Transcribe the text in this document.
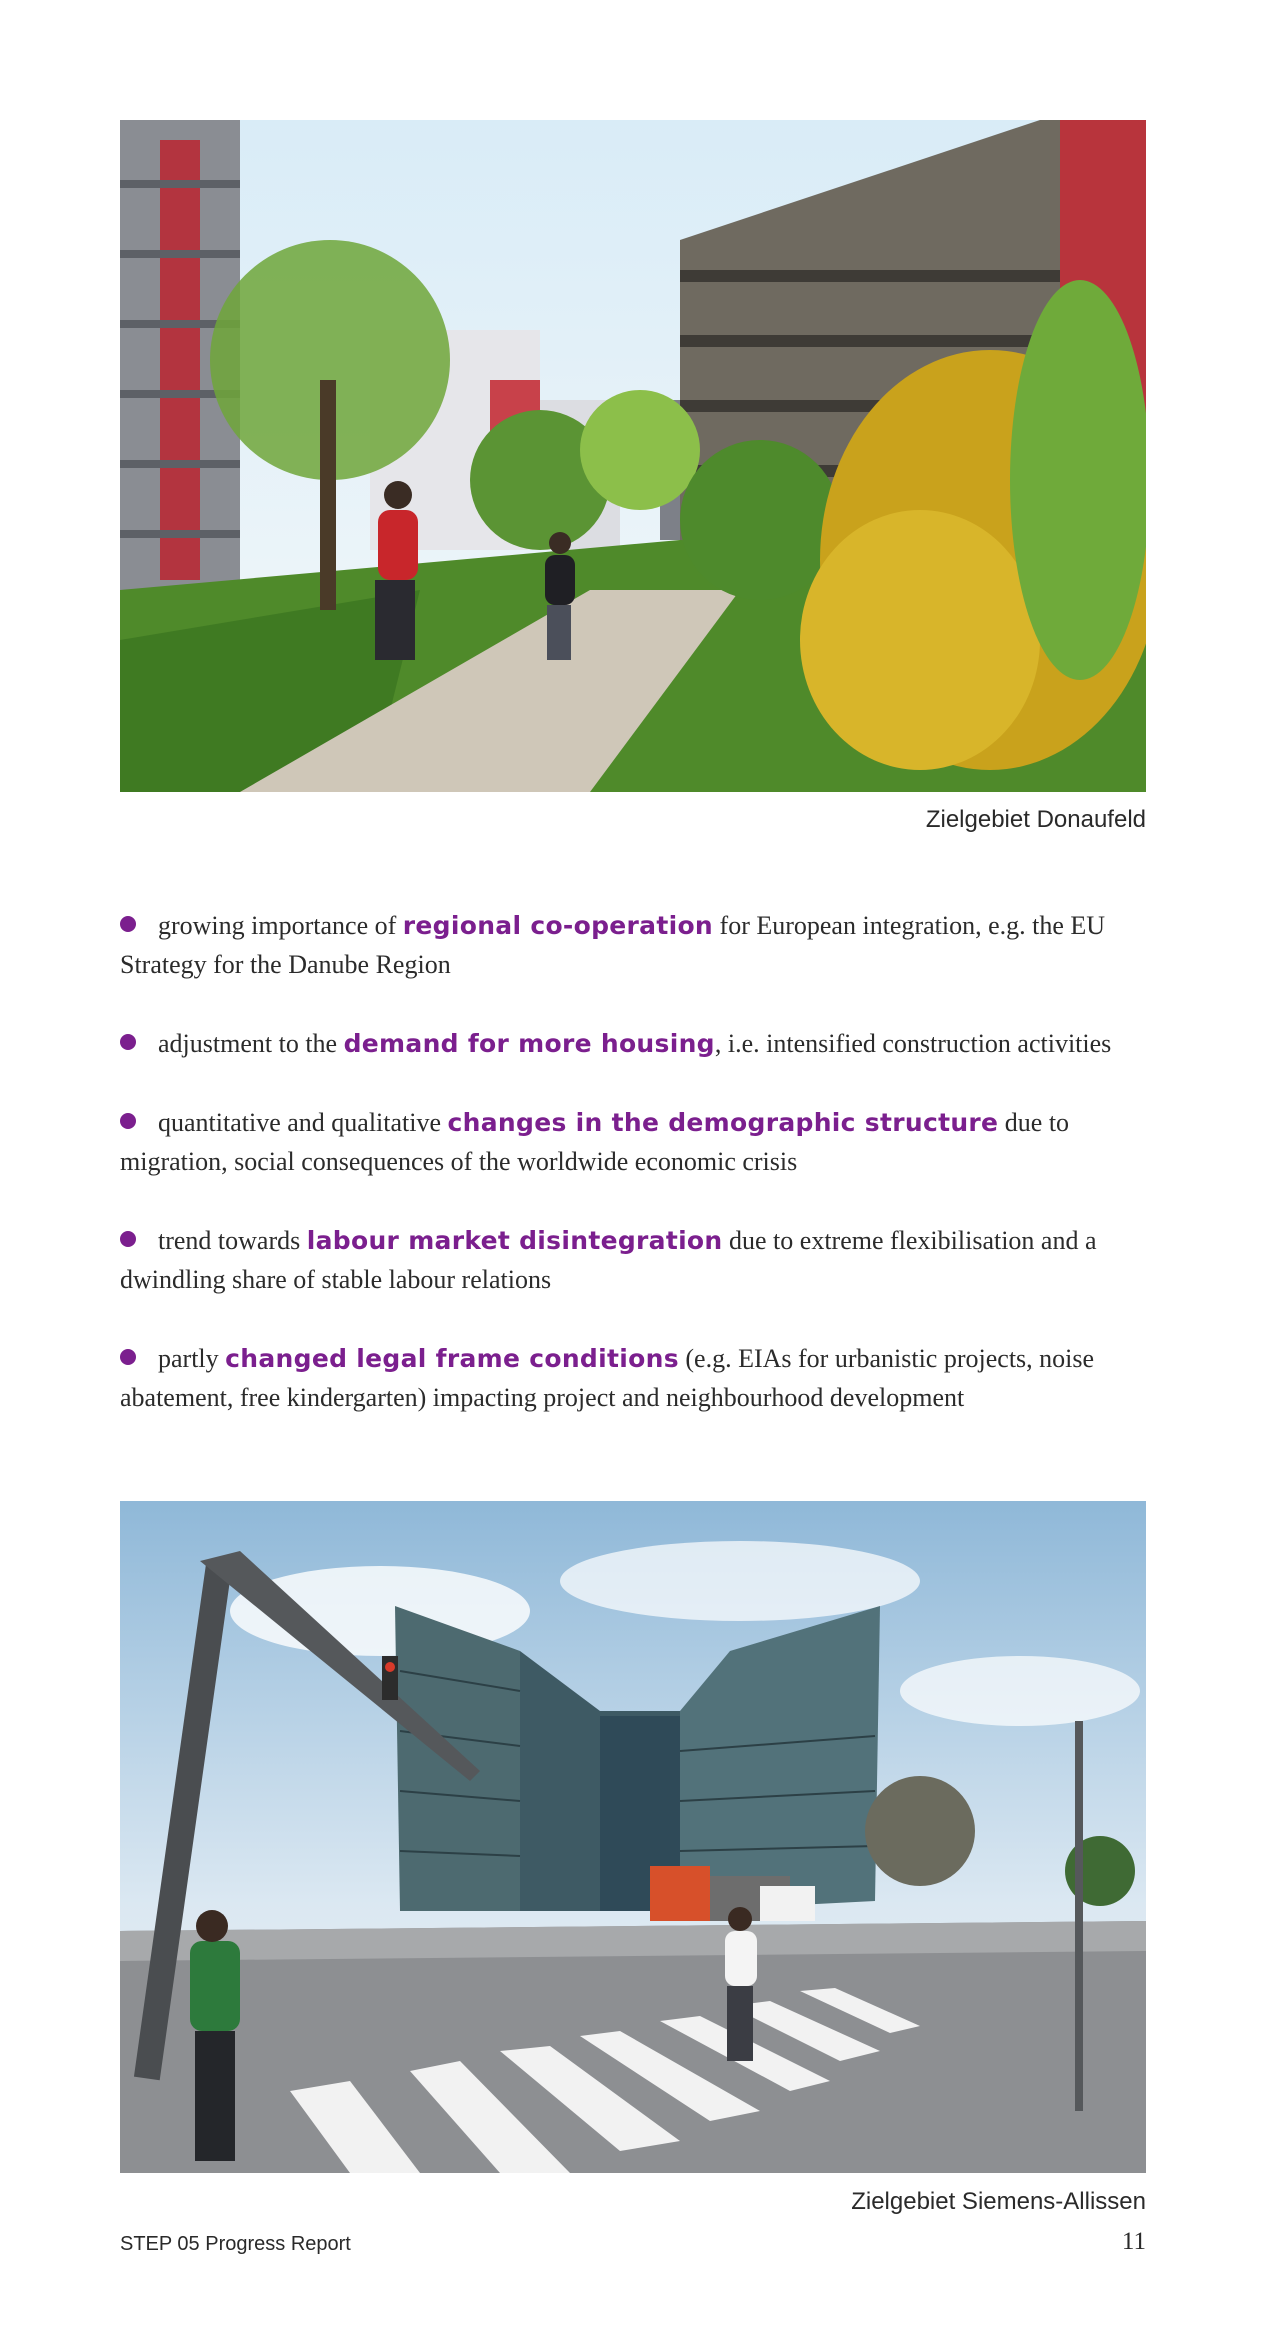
Zielgebiet Donaufeld

growing importance of regional co-operation for European integration, e.g. the EU Strategy for the Danube Region

adjustment to the demand for more housing, i.e. intensified construction activities

quantitative and qualitative changes in the demographic structure due to migration, social consequences of the worldwide economic crisis

trend towards labour market disintegration due to extreme flexibilisation and a dwindling share of stable labour relations

partly changed legal frame conditions (e.g. EIAs for urbanistic projects, noise abatement, free kindergarten) impacting project and neighbourhood development

Zielgebiet Siemens-Allissen
STEP 05 Progress Report	11
